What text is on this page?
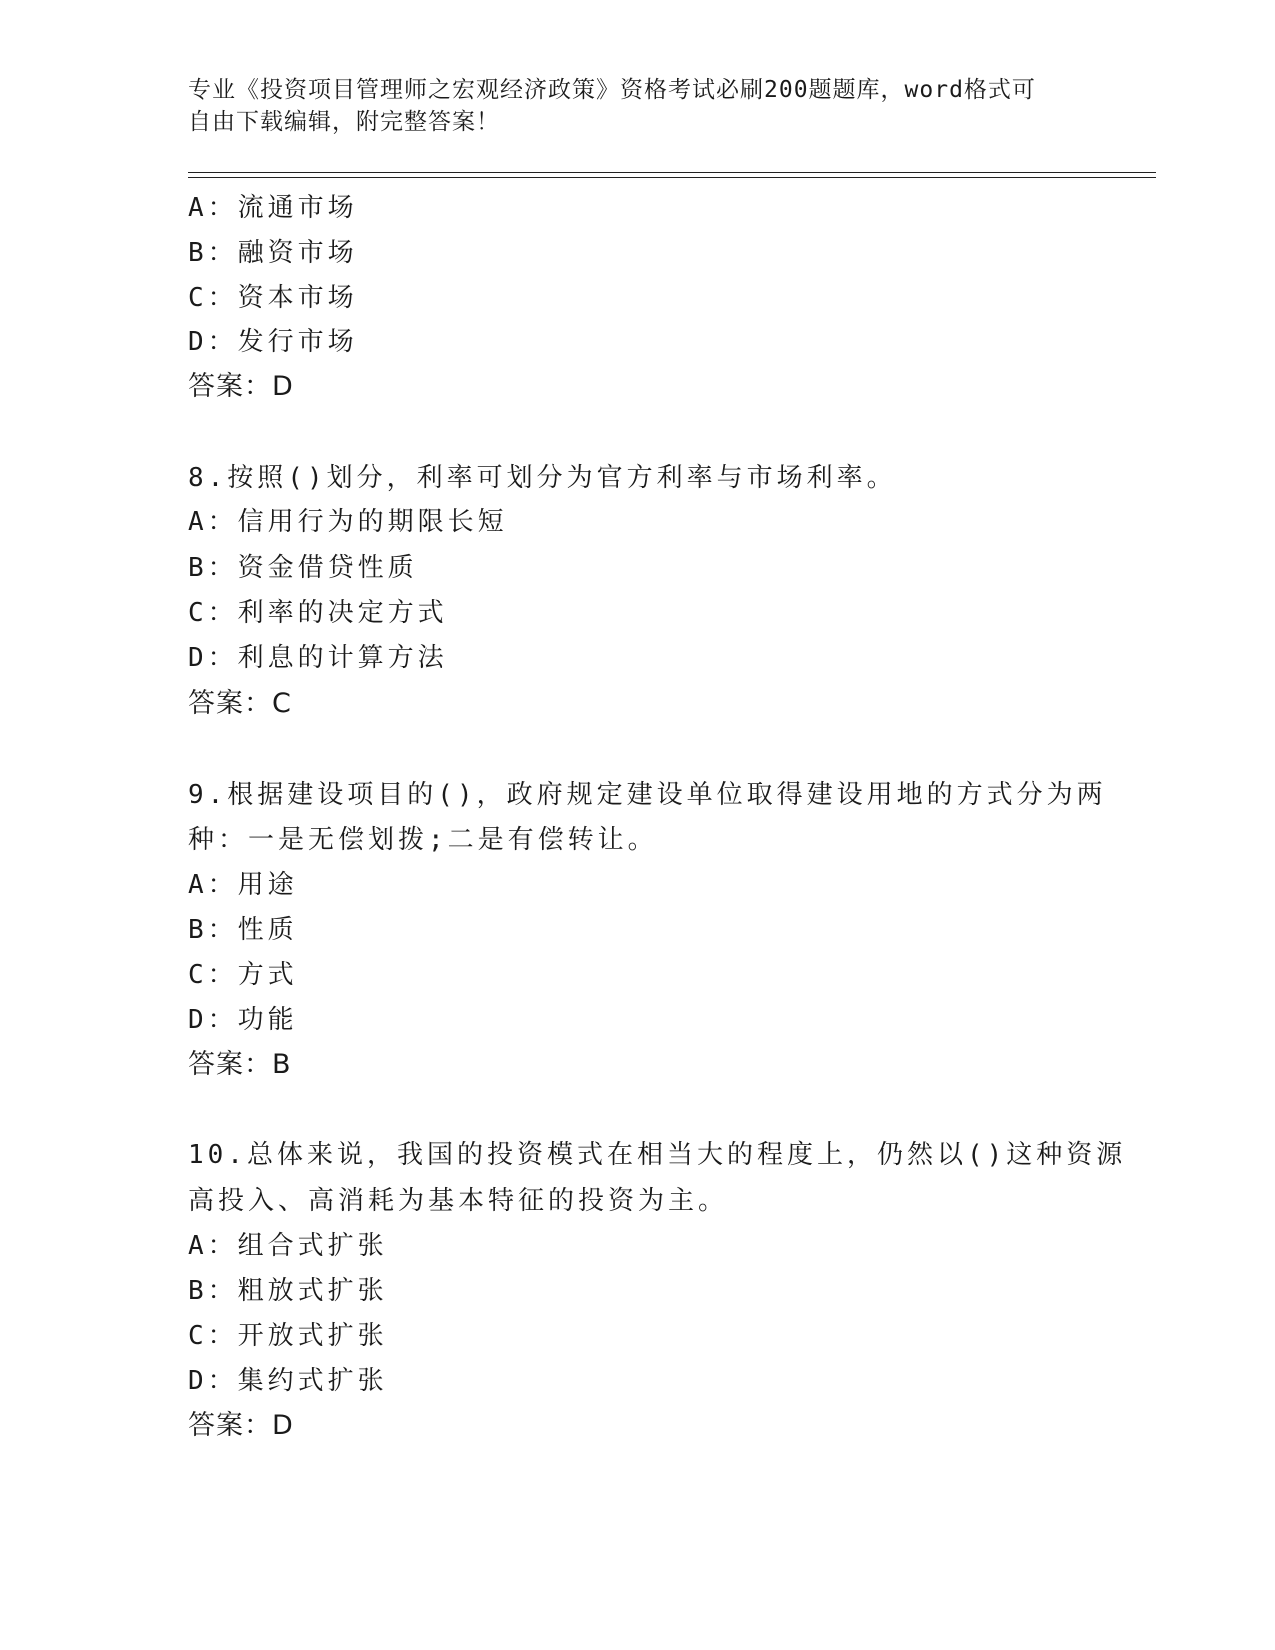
专业《投资项目管理师之宏观经济政策》资格考试必刷200题题库，word格式可
自由下载编辑，附完整答案！
A：流通市场
B：融资市场
C：资本市场
D：发行市场
答案：D
8.按照()划分，利率可划分为官方利率与市场利率。
A：信用行为的期限长短
B：资金借贷性质
C：利率的决定方式
D：利息的计算方法
答案：C
9.根据建设项目的()，政府规定建设单位取得建设用地的方式分为两
种：一是无偿划拨;二是有偿转让。
A：用途
B：性质
C：方式
D：功能
答案：B
10.总体来说，我国的投资模式在相当大的程度上，仍然以()这种资源
高投入、高消耗为基本特征的投资为主。
A：组合式扩张
B：粗放式扩张
C：开放式扩张
D：集约式扩张
答案：D
